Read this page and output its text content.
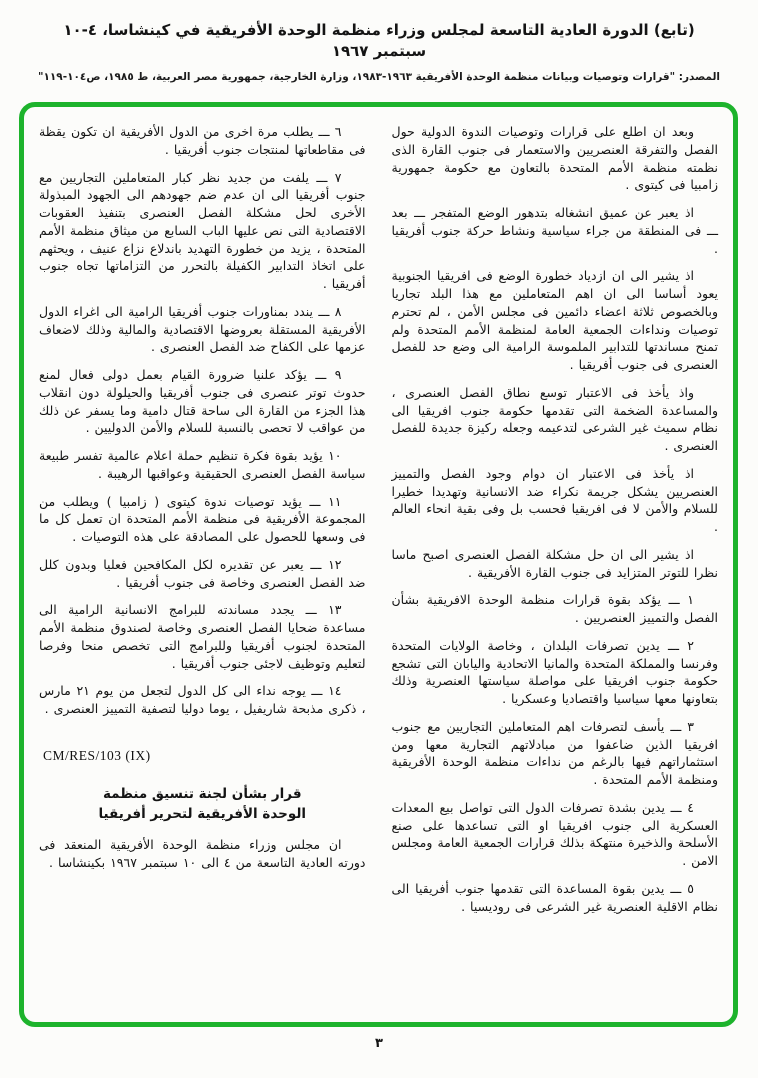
(تابع) الدورة العادية التاسعة لمجلس وزراء منظمة الوحدة الأفريقية في كينشاسا، ٤-١٠ سبتمبر ١٩٦٧
المصدر: "قرارات وتوصيات وبيانات منظمة الوحدة الأفريقية ١٩٦٣-١٩٨٣، وزارة الخارجية، جمهورية مصر العربية، ط ١٩٨٥، ص١٠٤-١١٩"

وبعد ان اطلع على قرارات وتوصيات الندوة الدولية حول الفصل والتفرقة العنصريين والاستعمار فى جنوب القارة الذى نظمته منظمة الأمم المتحدة بالتعاون مع حكومة جمهورية زامبيا فى كيتوى .

اذ يعبر عن عميق انشغاله بتدهور الوضع المتفجر ـــ بعد ـــ فى المنطقة من جراء سياسية ونشاط حركة جنوب أفريقيا .

اذ يشير الى ان ازدياد خطورة الوضع فى افريقيا الجنوبية يعود أساسا الى ان اهم المتعاملين مع هذا البلد تجاريا وبالخصوص ثلاثة اعضاء دائمين فى مجلس الأمن ، لم تحترم توصيات ونداءات الجمعية العامة لمنظمة الأمم المتحدة ولم تمنح مساندتها للتدابير الملموسة الرامية الى وضع حد للفصل العنصرى فى جنوب أفريقيا .

واذ يأخذ فى الاعتبار توسع نطاق الفصل العنصرى ، والمساعدة الضخمة التى تقدمها حكومة جنوب افريقيا الى نظام سميث غير الشرعى لتدعيمه وجعله ركيزة جديدة للفصل العنصرى .

اذ يأخذ فى الاعتبار ان دوام وجود الفصل والتمييز العنصريين يشكل جريمة نكراء ضد الانسانية وتهديدا خطيرا للسلام والأمن لا فى افريقيا فحسب بل وفى بقية انحاء العالم .

اذ يشير الى ان حل مشكلة الفصل العنصرى اصبح ماسا نظرا للتوتر المتزايد فى جنوب القارة الأفريقية .

١ ـــ يؤكد بقوة قرارات منظمة الوحدة الافريقية بشأن الفصل والتمييز العنصريين .

٢ ـــ يدين تصرفات البلدان ، وخاصة الولايات المتحدة وفرنسا والمملكة المتحدة والمانيا الاتحادية واليابان التى تشجع حكومة جنوب افريقيا على مواصلة سياستها العنصرية وذلك بتعاونها معها سياسيا واقتصاديا وعسكريا .

٣ ـــ يأسف لتصرفات اهم المتعاملين التجاريين مع جنوب افريقيا الذين ضاعفوا من مبادلاتهم التجارية معها ومن استثماراتهم فيها بالرغم من نداءات منظمة الوحدة الأفريقية ومنظمة الأمم المتحدة .

٤ ـــ يدين بشدة تصرفات الدول التى تواصل بيع المعدات العسكرية الى جنوب افريقيا او التى تساعدها على صنع الأسلحة والذخيرة منتهكة بذلك قرارات الجمعية العامة ومجلس الامن .

٥ ـــ يدين بقوة المساعدة التى تقدمها جنوب أفريقيا الى نظام الاقلية العنصرية غير الشرعى فى روديسيا .

٦ ـــ يطلب مرة اخرى من الدول الأفريقية ان تكون يقظة فى مقاطعاتها لمنتجات جنوب أفريقيا .

٧ ـــ يلفت من جديد نظر كبار المتعاملين التجاريين مع جنوب أفريقيا الى ان عدم ضم جهودهم الى الجهود المبذولة الأخرى لحل مشكلة الفصل العنصرى بتنفيذ العقوبات الاقتصادية التى نص عليها الباب السابع من ميثاق منظمة الأمم المتحدة ، يزيد من خطورة التهديد باندلاع نزاع عنيف ، ويحثهم على اتخاذ التدابير الكفيلة بالتحرر من التزاماتها تجاه جنوب أفريقيا .

٨ ـــ يندد بمناورات جنوب أفريقيا الرامية الى اغراء الدول الأفريقية المستقلة بعروضها الاقتصادية والمالية وذلك لاضعاف عزمها على الكفاح ضد الفصل العنصرى .

٩ ـــ يؤكد علنيا ضرورة القيام بعمل دولى فعال لمنع حدوث توتر عنصرى فى جنوب أفريقيا والحيلولة دون انقلاب هذا الجزء من القارة الى ساحة قتال دامية وما يسفر عن ذلك من عواقب لا تحصى بالنسبة للسلام والأمن الدوليين .

١٠ يؤيد بقوة فكرة تنظيم حملة اعلام عالمية تفسر طبيعة سياسة الفصل العنصرى الحقيقية وعواقبها الرهيبة .

١١ ـــ يؤيد توصيات ندوة كيتوى ( زامبيا ) ويطلب من المجموعة الأفريقية فى منظمة الأمم المتحدة ان تعمل كل ما فى وسعها للحصول على المصادقة على هذه التوصيات .

١٢ ـــ يعبر عن تقديره لكل المكافحين فعليا وبدون كلل ضد الفصل العنصرى وخاصة فى جنوب أفريقيا .

١٣ ـــ يجدد مساندته للبرامج الانسانية الرامية الى مساعدة ضحايا الفصل العنصرى وخاصة لصندوق منظمة الأمم المتحدة لجنوب أفريقيا وللبرامج التى تخصص منحا وفرصا لتعليم وتوظيف لاجئى جنوب أفريقيا .

١٤ ـــ يوجه نداء الى كل الدول لتجعل من يوم ٢١ مارس ، ذكرى مذبحة شاريفيل ، يوما دوليا لتصفية التمييز العنصرى .

CM/RES/103 (IX)
قرار بشأن لجنة تنسيق منظمة
الوحدة الأفريقية لتحرير أفريقيا

ان مجلس وزراء منظمة الوحدة الأفريقية المنعقد فى دورته العادية التاسعة من ٤ الى ١٠ سبتمبر ١٩٦٧ بكينشاسا .

٣
